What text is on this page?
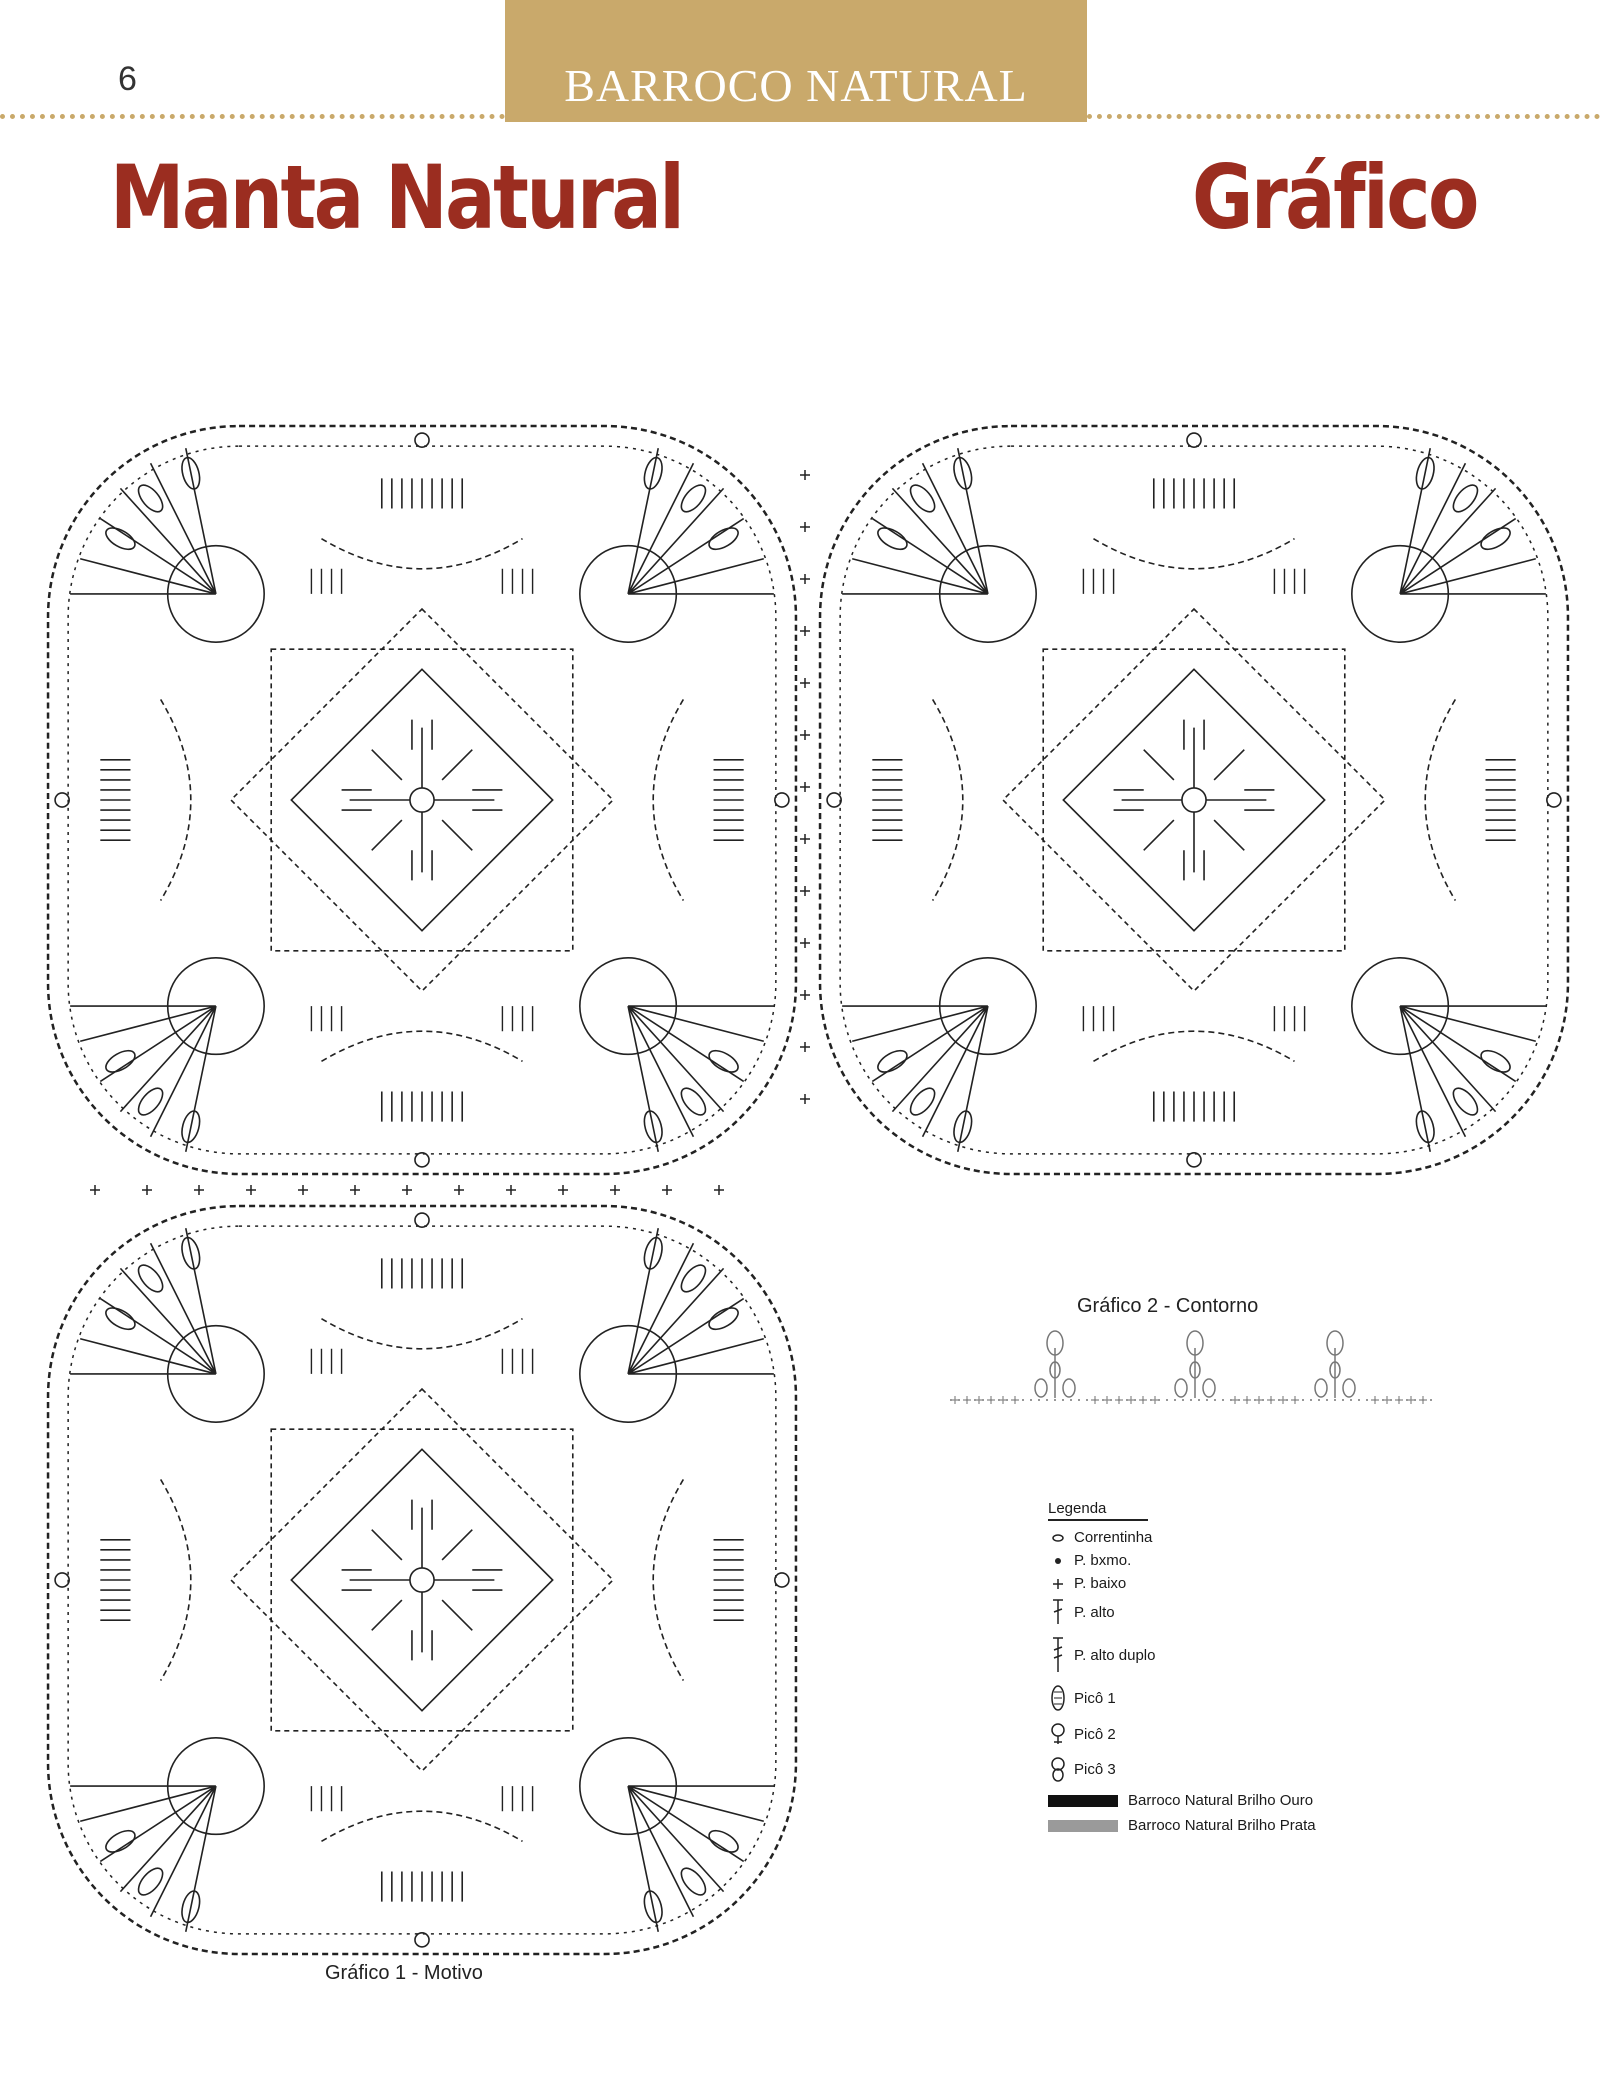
6	BARROCO NATURAL
Manta Natural	Gráfico
Gráfico 1 - Motivo
Gráfico 2 - Contorno
Legenda
Correntinha
P. bxmo.
P. baixo
P. alto
P. alto duplo
Picô 1
Picô 2
Picô 3
Barroco Natural Brilho Ouro
Barroco Natural Brilho Prata
